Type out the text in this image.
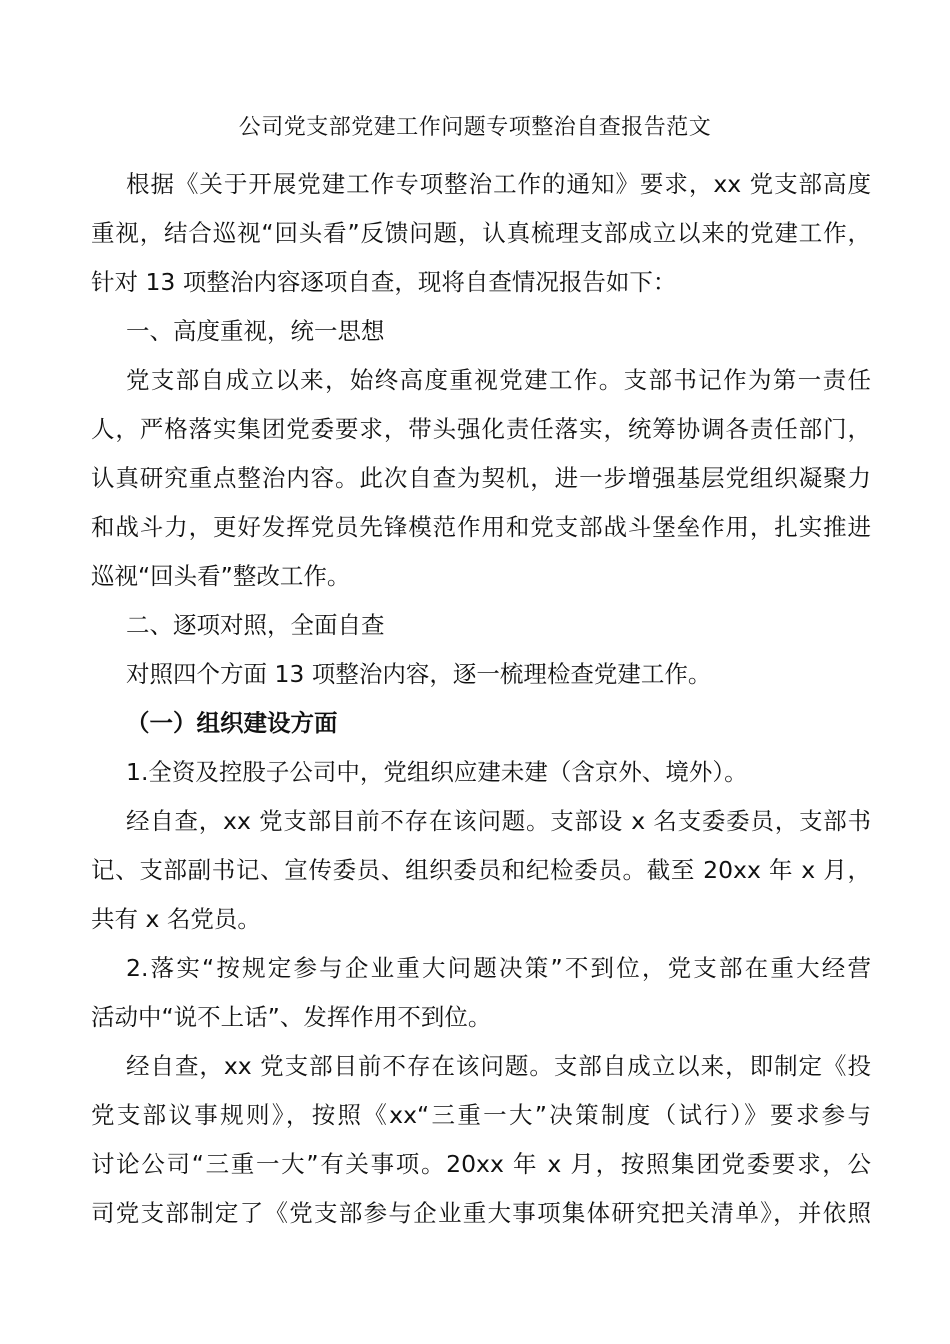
公司党支部党建工作问题专项整治自查报告范文
根据《关于开展党建工作专项整治工作的通知》要求，xx 党支部高度
重视，结合巡视“回头看”反馈问题，认真梳理支部成立以来的党建工作，
针对 13 项整治内容逐项自查，现将自查情况报告如下：
一、高度重视，统一思想
党支部自成立以来，始终高度重视党建工作。支部书记作为第一责任
人，严格落实集团党委要求，带头强化责任落实，统筹协调各责任部门，
认真研究重点整治内容。此次自查为契机，进一步增强基层党组织凝聚力
和战斗力，更好发挥党员先锋模范作用和党支部战斗堡垒作用，扎实推进
巡视“回头看”整改工作。
二、逐项对照，全面自查
对照四个方面 13 项整治内容，逐一梳理检查党建工作。
（一）组织建设方面
1.全资及控股子公司中，党组织应建未建（含京外、境外）。
经自查，xx 党支部目前不存在该问题。支部设 x 名支委委员，支部书
记、支部副书记、宣传委员、组织委员和纪检委员。截至 20xx 年 x 月，
共有 x 名党员。
2.落实“按规定参与企业重大问题决策”不到位，党支部在重大经营
活动中“说不上话”、发挥作用不到位。
经自查，xx 党支部目前不存在该问题。支部自成立以来，即制定《投
党支部议事规则》，按照《xx“三重一大”决策制度（试行）》要求参与
讨论公司“三重一大”有关事项。20xx 年 x 月，按照集团党委要求，公
司党支部制定了《党支部参与企业重大事项集体研究把关清单》，并依照
